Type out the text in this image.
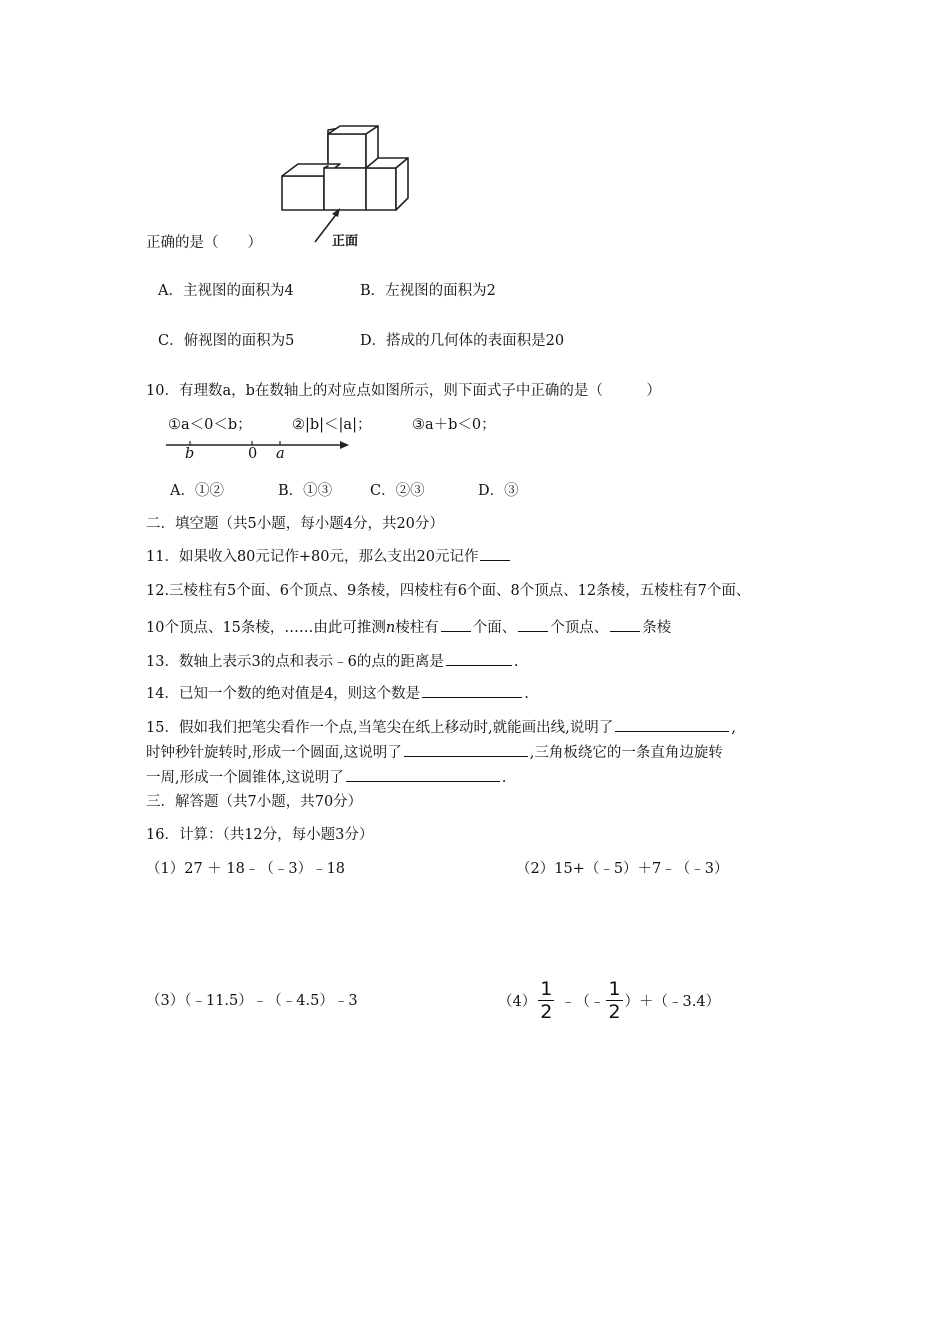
正面
正确的是（　　）
A．主视图的面积为4	B．左视图的面积为2
C．俯视图的面积为5	D．搭成的几何体的表面积是20
10．有理数a，b在数轴上的对应点如图所示，则下面式子中正确的是（　　　）
①a＜0＜b；	②|b|＜|a|；	③a＋b＜0；
b	0 a
A．①②	B．①③	C．②③	D．③
二．填空题（共5小题，每小题4分，共20分）
11．如果收入80元记作+80元，那么支出20元记作
12.三棱柱有5个面、6个顶点、9条棱，四棱柱有6个面、8个顶点、12条棱，五棱柱有7个面、
10个顶点、15条棱，……由此可推测n棱柱有 个面、 个顶点、 条棱
13．数轴上表示3的点和表示﹣6的点的距离是	.
14．已知一个数的绝对值是4，则这个数是	.
15．假如我们把笔尖看作一个点,当笔尖在纸上移动时,就能画出线,说明了	,
时钟秒针旋转时,形成一个圆面,这说明了	,三角板绕它的一条直角边旋转
一周,形成一个圆锥体,这说明了	.
三．解答题（共7小题，共70分）
16．计算：（共12分，每小题3分）
（1）27 ＋ 18﹣（﹣3）﹣18	（2）15+（﹣5）＋7﹣（﹣3）
（3）（﹣11.5）﹣（﹣4.5）﹣3	$(4) \frac{1}{2}$ ﹣（﹣ $\frac{1}{2}$ ）＋（﹣3.4）
